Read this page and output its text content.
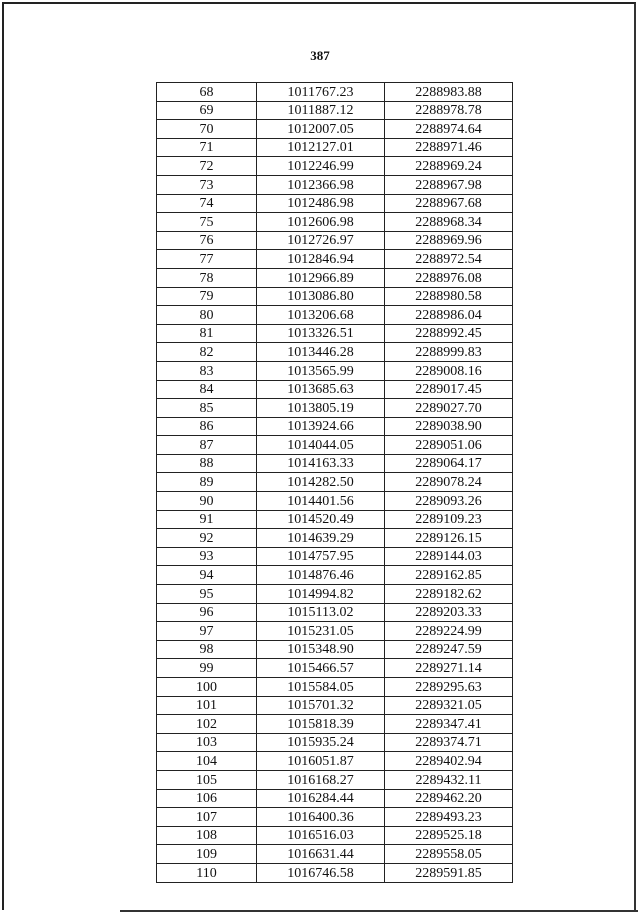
387
68	1011767.23	2288983.88
69	1011887.12	2288978.78
70	1012007.05	2288974.64
71	1012127.01	2288971.46
72	1012246.99	2288969.24
73	1012366.98	2288967.98
74	1012486.98	2288967.68
75	1012606.98	2288968.34
76	1012726.97	2288969.96
77	1012846.94	2288972.54
78	1012966.89	2288976.08
79	1013086.80	2288980.58
80	1013206.68	2288986.04
81	1013326.51	2288992.45
82	1013446.28	2288999.83
83	1013565.99	2289008.16
84	1013685.63	2289017.45
85	1013805.19	2289027.70
86	1013924.66	2289038.90
87	1014044.05	2289051.06
88	1014163.33	2289064.17
89	1014282.50	2289078.24
90	1014401.56	2289093.26
91	1014520.49	2289109.23
92	1014639.29	2289126.15
93	1014757.95	2289144.03
94	1014876.46	2289162.85
95	1014994.82	2289182.62
96	1015113.02	2289203.33
97	1015231.05	2289224.99
98	1015348.90	2289247.59
99	1015466.57	2289271.14
100	1015584.05	2289295.63
101	1015701.32	2289321.05
102	1015818.39	2289347.41
103	1015935.24	2289374.71
104	1016051.87	2289402.94
105	1016168.27	2289432.11
106	1016284.44	2289462.20
107	1016400.36	2289493.23
108	1016516.03	2289525.18
109	1016631.44	2289558.05
110	1016746.58	2289591.85
